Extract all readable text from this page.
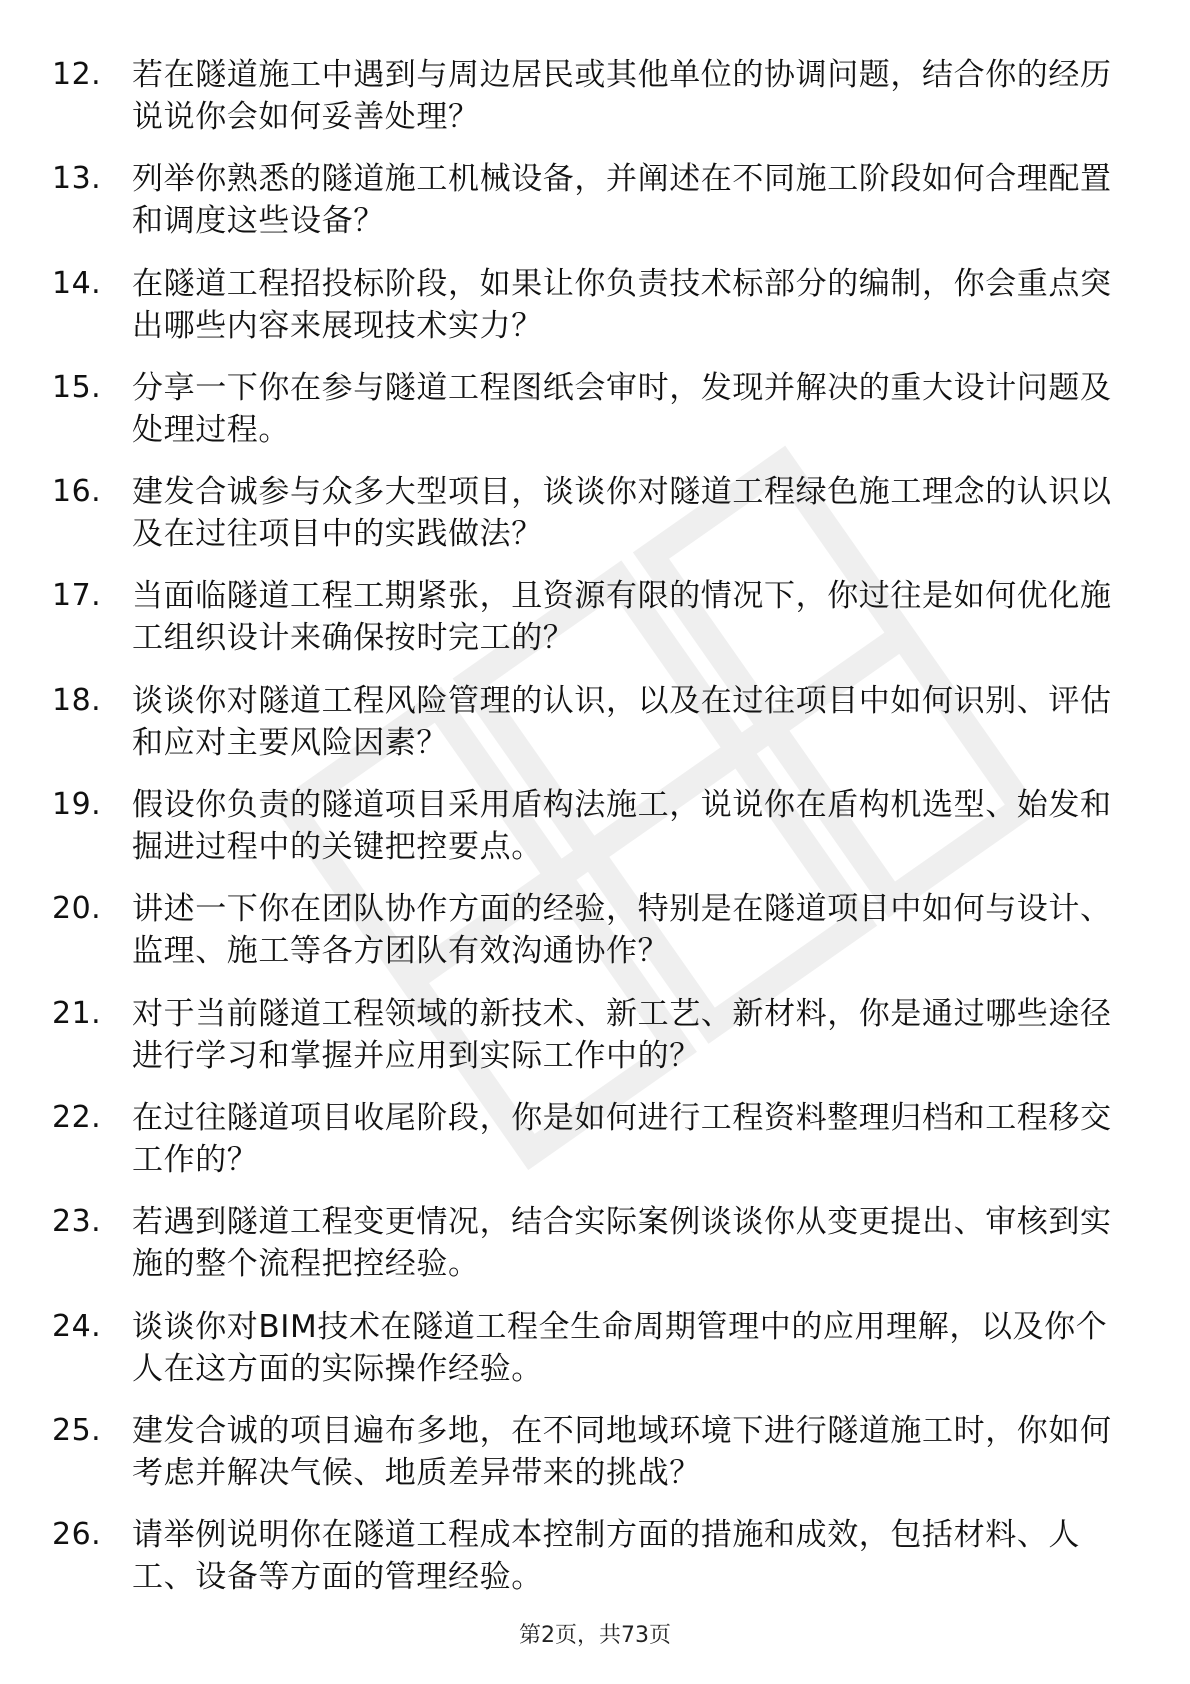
12. 若在隧道施工中遇到与周边居民或其他单位的协调问题，结合你的经历说说你会如何妥善处理？
13. 列举你熟悉的隧道施工机械设备，并阐述在不同施工阶段如何合理配置和调度这些设备？
14. 在隧道工程招投标阶段，如果让你负责技术标部分的编制，你会重点突出哪些内容来展现技术实力？
15. 分享一下你在参与隧道工程图纸会审时，发现并解决的重大设计问题及处理过程。
16. 建发合诚参与众多大型项目，谈谈你对隧道工程绿色施工理念的认识以及在过往项目中的实践做法？
17. 当面临隧道工程工期紧张，且资源有限的情况下，你过往是如何优化施工组织设计来确保按时完工的？
18. 谈谈你对隧道工程风险管理的认识，以及在过往项目中如何识别、评估和应对主要风险因素？
19. 假设你负责的隧道项目采用盾构法施工，说说你在盾构机选型、始发和掘进过程中的关键把控要点。
20. 讲述一下你在团队协作方面的经验，特别是在隧道项目中如何与设计、监理、施工等各方团队有效沟通协作？
21. 对于当前隧道工程领域的新技术、新工艺、新材料，你是通过哪些途径进行学习和掌握并应用到实际工作中的？
22. 在过往隧道项目收尾阶段，你是如何进行工程资料整理归档和工程移交工作的？
23. 若遇到隧道工程变更情况，结合实际案例谈谈你从变更提出、审核到实施的整个流程把控经验。
24. 谈谈你对BIM技术在隧道工程全生命周期管理中的应用理解，以及你个人在这方面的实际操作经验。
25. 建发合诚的项目遍布多地，在不同地域环境下进行隧道施工时，你如何考虑并解决气候、地质差异带来的挑战？
26. 请举例说明你在隧道工程成本控制方面的措施和成效，包括材料、人工、设备等方面的管理经验。
第2页，共73页
